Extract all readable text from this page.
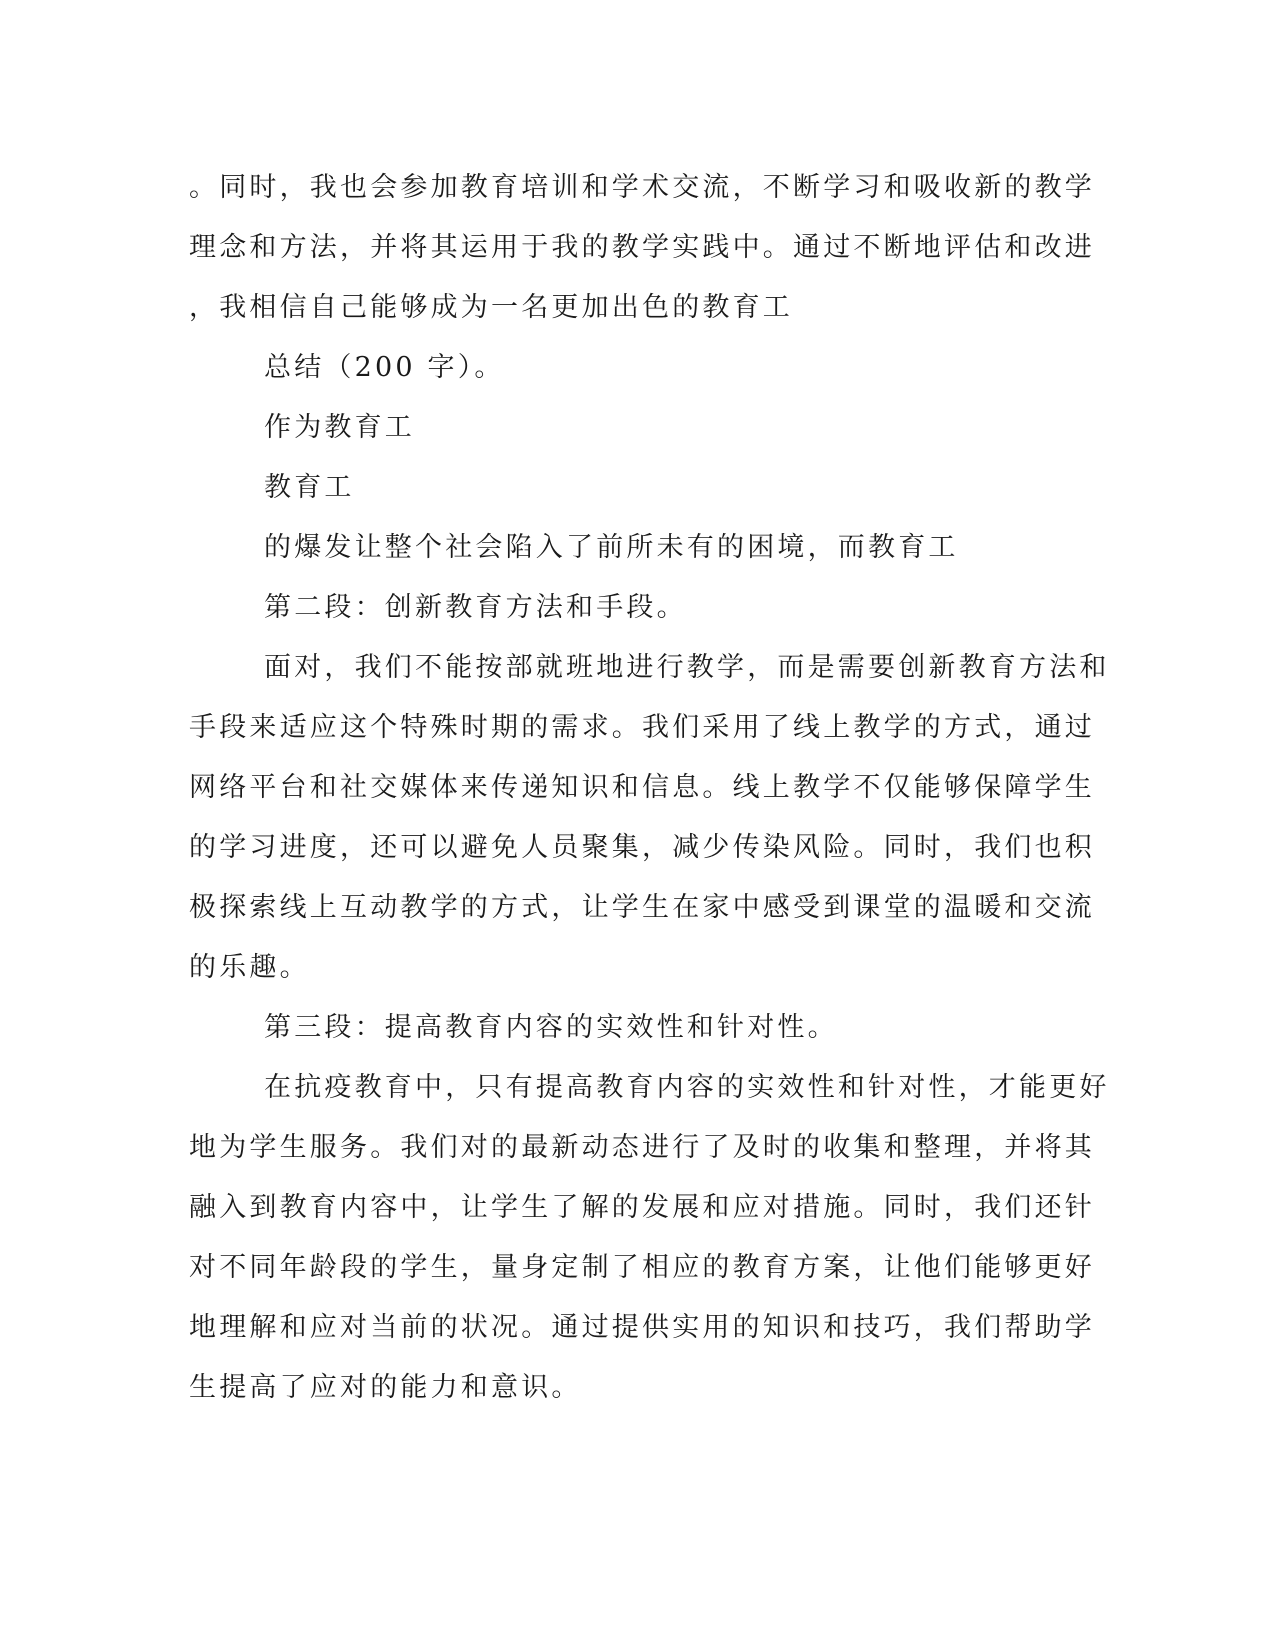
。同时，我也会参加教育培训和学术交流，不断学习和吸收新的教学
理念和方法，并将其运用于我的教学实践中。通过不断地评估和改进
，我相信自己能够成为一名更加出色的教育工
总结（200 字）。
作为教育工
教育工
的爆发让整个社会陷入了前所未有的困境，而教育工
第二段：创新教育方法和手段。
面对，我们不能按部就班地进行教学，而是需要创新教育方法和
手段来适应这个特殊时期的需求。我们采用了线上教学的方式，通过
网络平台和社交媒体来传递知识和信息。线上教学不仅能够保障学生
的学习进度，还可以避免人员聚集，减少传染风险。同时，我们也积
极探索线上互动教学的方式，让学生在家中感受到课堂的温暖和交流
的乐趣。
第三段：提高教育内容的实效性和针对性。
在抗疫教育中，只有提高教育内容的实效性和针对性，才能更好
地为学生服务。我们对的最新动态进行了及时的收集和整理，并将其
融入到教育内容中，让学生了解的发展和应对措施。同时，我们还针
对不同年龄段的学生，量身定制了相应的教育方案，让他们能够更好
地理解和应对当前的状况。通过提供实用的知识和技巧，我们帮助学
生提高了应对的能力和意识。
